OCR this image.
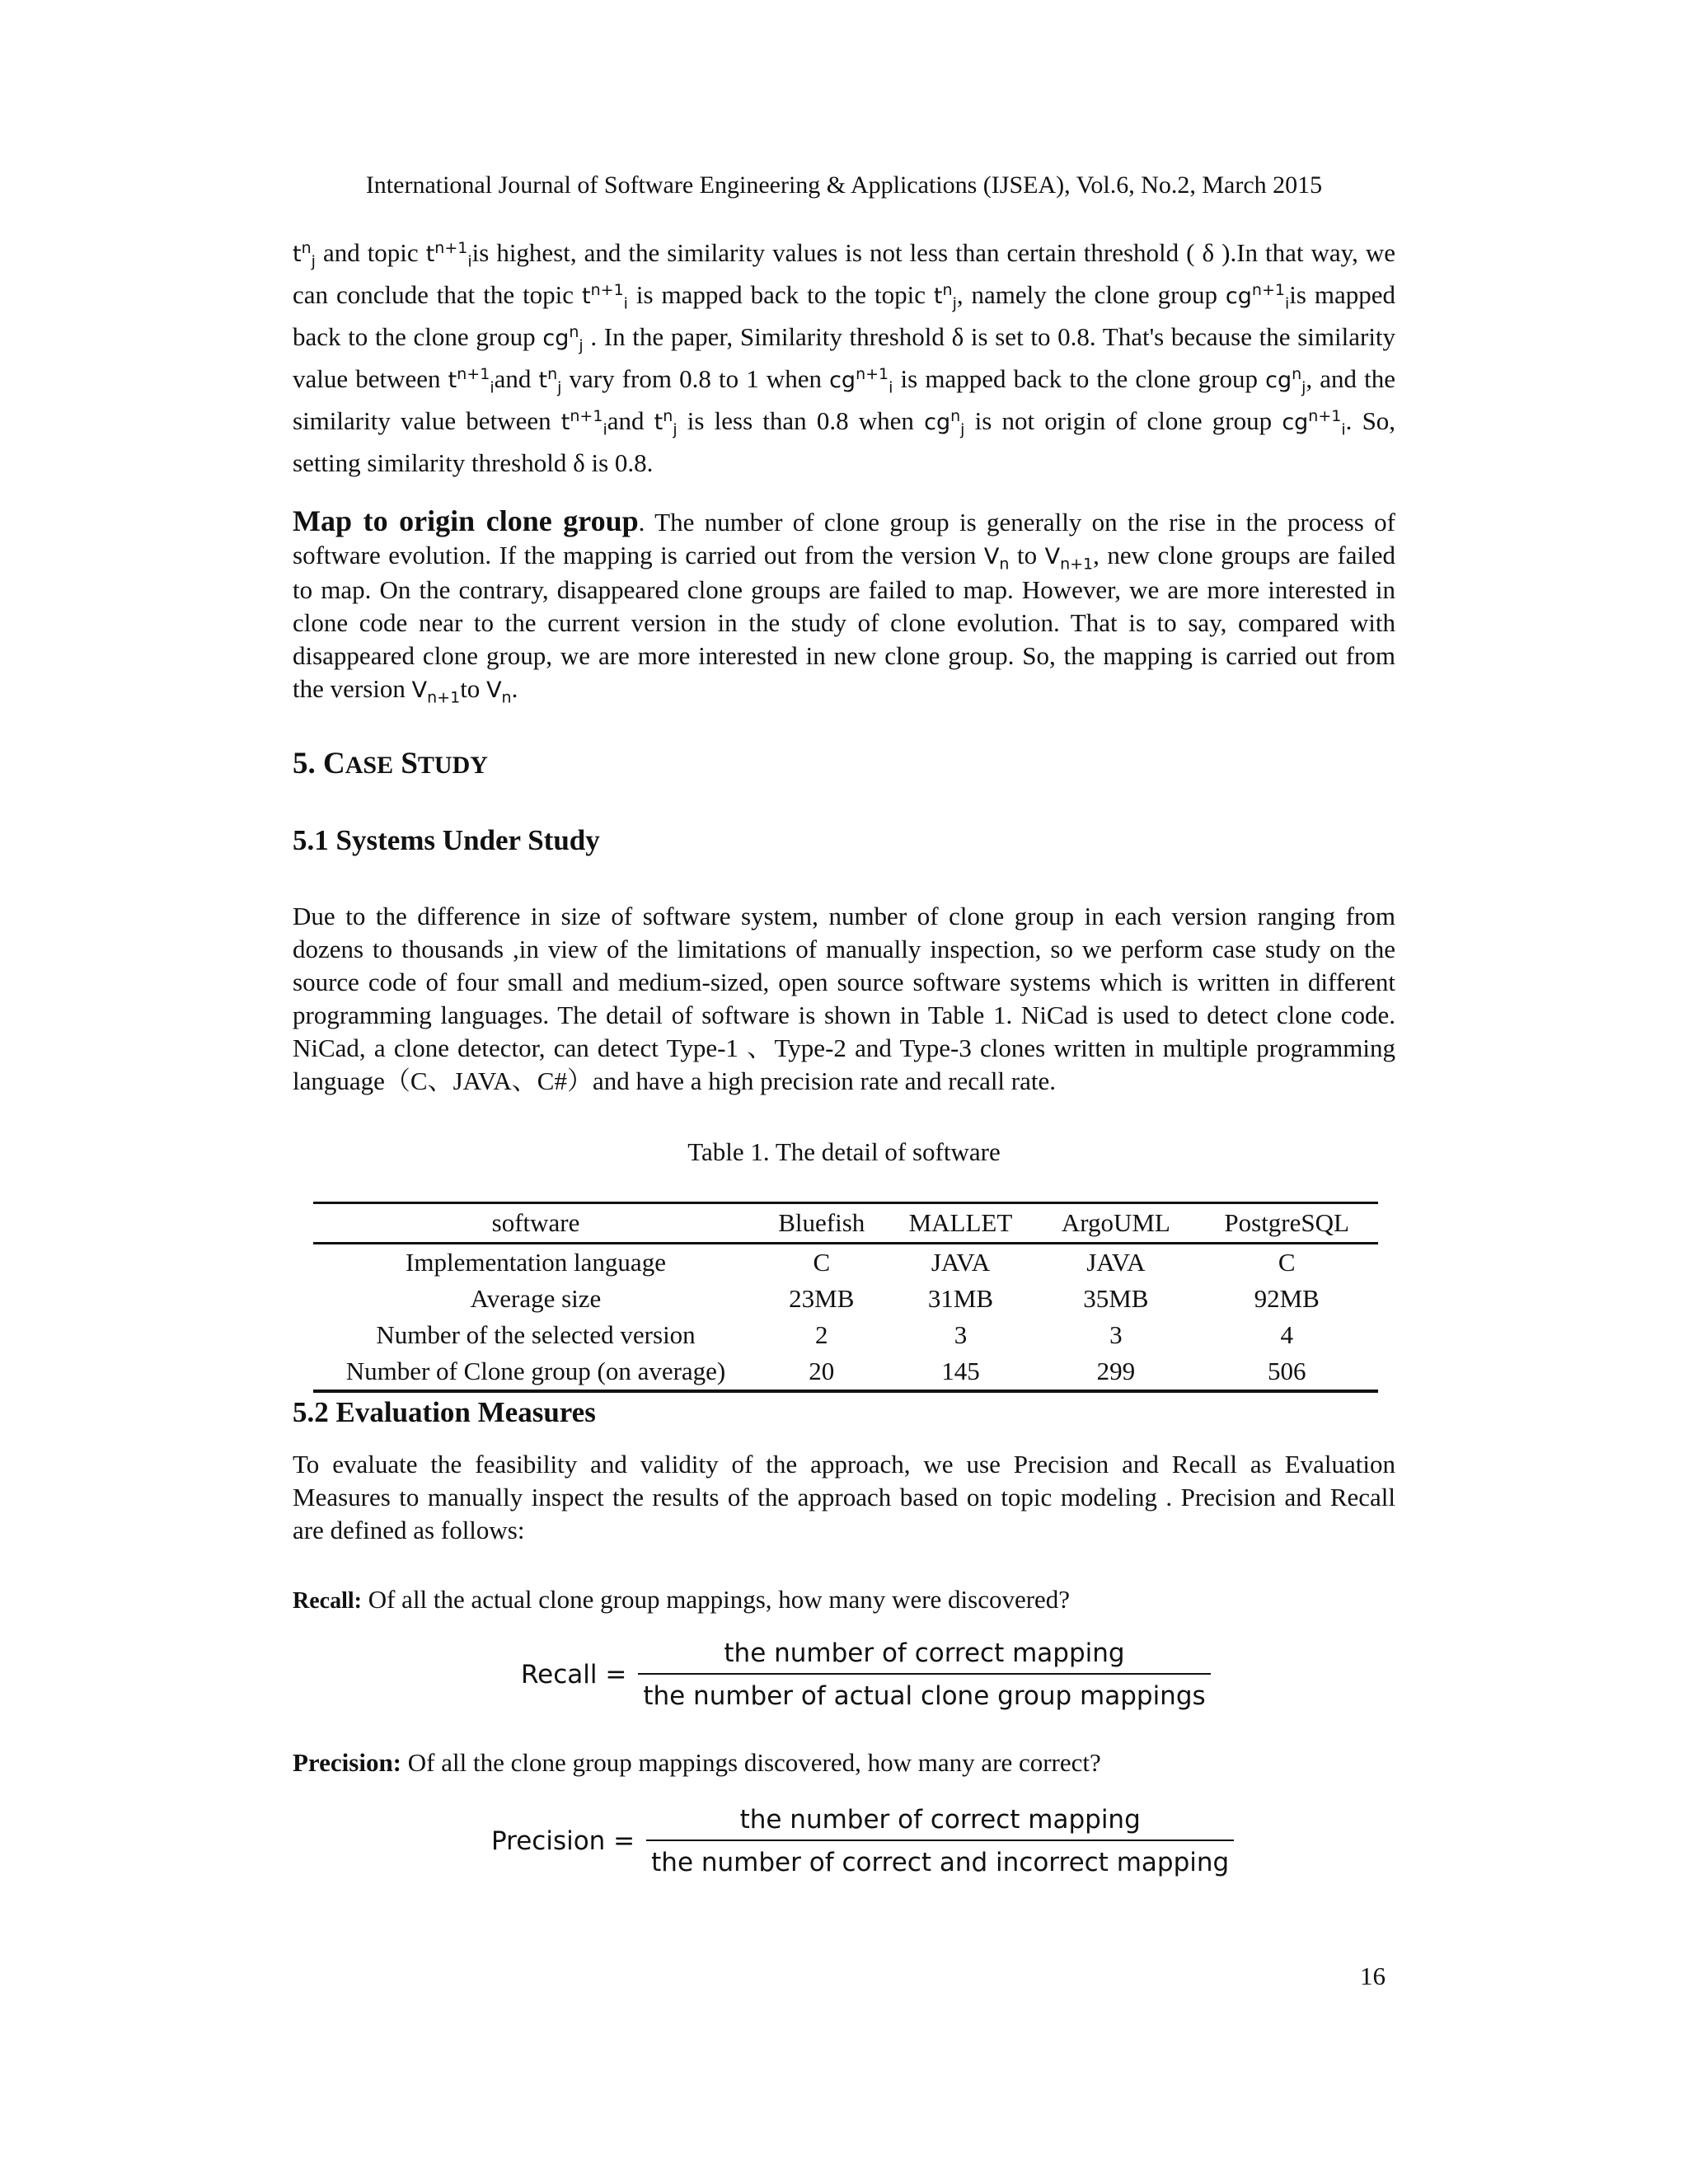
International Journal of Software Engineering & Applications (IJSEA), Vol.6, No.2, March 2015
$t^n_j$ and topic $t^{n+1}_iis$ highest, and the similarity values is not less than certain threshold ( δ ).In that way, we can conclude that the topic $t^{n+1}_i$ is mapped back to the topic $t^n_j$, namely the clone group $cg^{n+1}_iis$ mapped back to the clone group $cg^n_j$ . In the paper, Similarity threshold δ is set to 0.8. That's because the similarity value between $t^{n+1}_iand$ $t^n_j$ vary from 0.8 to 1 when $cg^{n+1}_i$ is mapped back to the clone group $cg^n_j$, and the similarity value between $t^{n+1}_iand$ $t^n_j$ is less than 0.8 when $cg^n_j$ is not origin of clone group $cg^{n+1}_i$. So, setting similarity threshold δ is 0.8.
Map to origin clone group. The number of clone group is generally on the rise in the process of software evolution. If the mapping is carried out from the version $V_n$ to $V_{n+1}$, new clone groups are failed to map. On the contrary, disappeared clone groups are failed to map. However, we are more interested in clone code near to the current version in the study of clone evolution. That is to say, compared with disappeared clone group, we are more interested in new clone group. So, the mapping is carried out from the version $V_{n+1}to$ $V_n$.
5. CASE STUDY
5.1 Systems Under Study
Due to the difference in size of software system, number of clone group in each version ranging from dozens to thousands ,in view of the limitations of manually inspection, so we perform case study on the source code of four small and medium-sized, open source software systems which is written in different programming languages. The detail of software is shown in Table 1. NiCad is used to detect clone code. NiCad, a clone detector, can detect Type-1 、Type-2 and Type-3 clones written in multiple programming language（C、JAVA、C#）and have a high precision rate and recall rate.
Table 1. The detail of software
software	Bluefish	MALLET	ArgoUML	PostgreSQL
Implementation language	C	JAVA	JAVA	C
Average size	23MB	31MB	35MB	92MB
Number of the selected version	2	3	3	4
Number of Clone group (on average)	20	145	299	506
5.2 Evaluation Measures
To evaluate the feasibility and validity of the approach, we use Precision and Recall as Evaluation Measures to manually inspect the results of the approach based on topic modeling . Precision and Recall are defined as follows:
Recall: Of all the actual clone group mappings, how many were discovered?
Recall = $\frac{\text{the number of correct mapping}}{\text{the number of actual clone group mappings}}$
Precision: Of all the clone group mappings discovered, how many are correct?
Precision = $\frac{\text{the number of correct mapping}}{\text{the number of correct and incorrect mapping}}$
16
